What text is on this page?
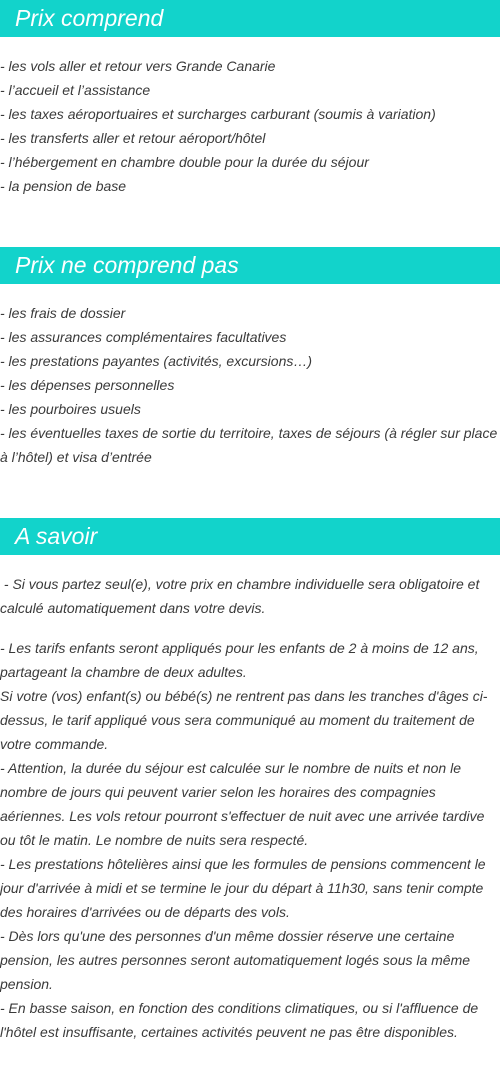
Prix comprend
- les vols aller et retour vers Grande Canarie
- l’accueil et l’assistance
- les taxes aéroportuaires et surcharges carburant (soumis à variation)
- les transferts aller et retour aéroport/hôtel
- l’hébergement en chambre double pour la durée du séjour
- la pension de base
Prix ne comprend pas
- les frais de dossier
- les assurances complémentaires facultatives
- les prestations payantes (activités, excursions…)
- les dépenses personnelles
- les pourboires usuels
- les éventuelles taxes de sortie du territoire, taxes de séjours (à régler sur place à l’hôtel) et visa d’entrée
A savoir
- Si vous partez seul(e), votre prix en chambre individuelle sera obligatoire et calculé automatiquement dans votre devis.
- Les tarifs enfants seront appliqués pour les enfants de 2 à moins de 12 ans, partageant la chambre de deux adultes.
Si votre (vos) enfant(s) ou bébé(s) ne rentrent pas dans les tranches d'âges ci-dessus, le tarif appliqué vous sera communiqué au moment du traitement de votre commande.
- Attention, la durée du séjour est calculée sur le nombre de nuits et non le nombre de jours qui peuvent varier selon les horaires des compagnies aériennes. Les vols retour pourront s'effectuer de nuit avec une arrivée tardive ou tôt le matin. Le nombre de nuits sera respecté.
- Les prestations hôtelières ainsi que les formules de pensions commencent le jour d'arrivée à midi et se termine le jour du départ à 11h30, sans tenir compte des horaires d'arrivées ou de départs des vols.
- Dès lors qu'une des personnes d'un même dossier réserve une certaine pension, les autres personnes seront automatiquement logés sous la même pension.
- En basse saison, en fonction des conditions climatiques, ou si l'affluence de l'hôtel est insuffisante, certaines activités peuvent ne pas être disponibles.
